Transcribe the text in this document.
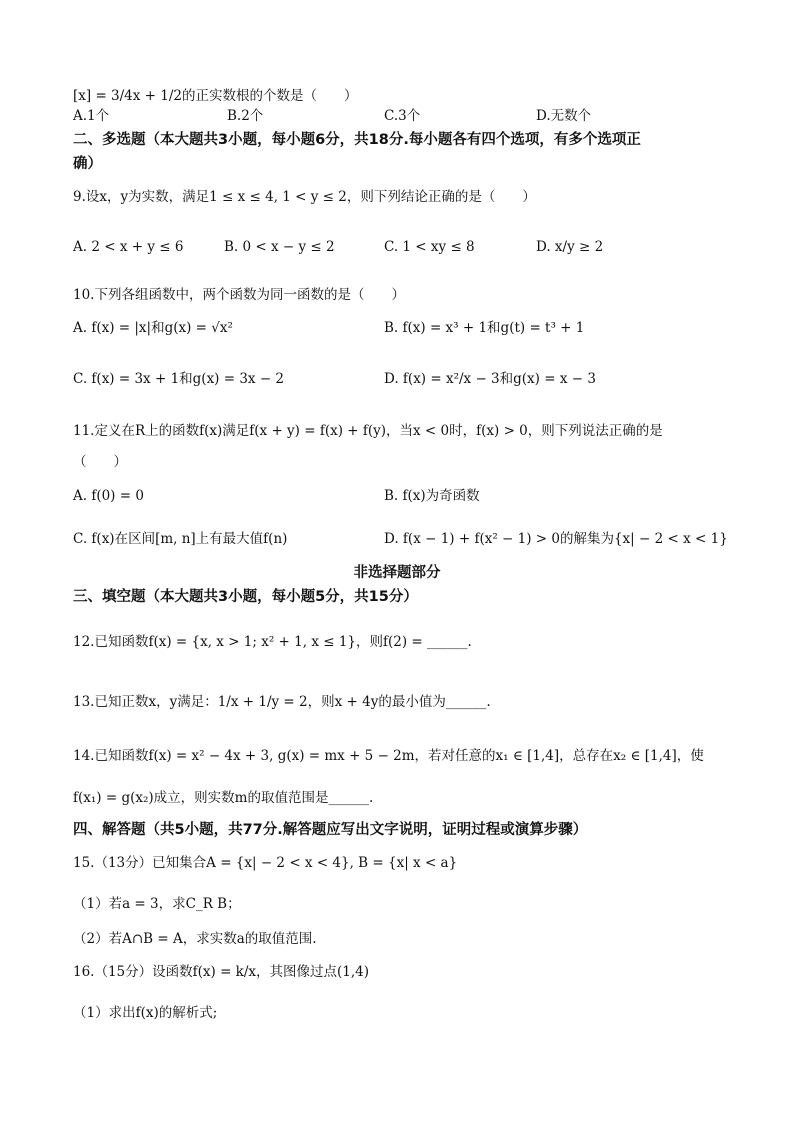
[x] = 3/4x + 1/2的正实数根的个数是（　　）
A.1个	B.2个	C.3个	D.无数个
二、多选题（本大题共3小题，每小题6分，共18分.每小题各有四个选项，有多个选项正
确）
9.设x，y为实数，满足1 ≤ x ≤ 4, 1 < y ≤ 2，则下列结论正确的是（　　）
A. 2 < x + y ≤ 6	B. 0 < x − y ≤ 2	C. 1 < xy ≤ 8	D. x/y ≥ 2
10.下列各组函数中，两个函数为同一函数的是（　　）
A. f(x) = |x|和g(x) = √x²	B. f(x) = x³ + 1和g(t) = t³ + 1
C. f(x) = 3x + 1和g(x) = 3x − 2	D. f(x) = x²/x − 3和g(x) = x − 3
11.定义在R上的函数f(x)满足f(x + y) = f(x) + f(y)，当x < 0时，f(x) > 0，则下列说法正确的是
（　　）
A. f(0) = 0	B. f(x)为奇函数
C. f(x)在区间[m, n]上有最大值f(n)	D. f(x − 1) + f(x² − 1) > 0的解集为{x| − 2 < x < 1}
非选择题部分
三、填空题（本大题共3小题，每小题5分，共15分）
12.已知函数f(x) = {x, x > 1; x² + 1, x ≤ 1}，则f(2) = ______.
13.已知正数x，y满足：1/x + 1/y = 2，则x + 4y的最小值为______.
14.已知函数f(x) = x² − 4x + 3, g(x) = mx + 5 − 2m，若对任意的x₁ ∈ [1,4]，总存在x₂ ∈ [1,4]，使
f(x₁) = g(x₂)成立，则实数m的取值范围是______.
四、解答题（共5小题，共77分.解答题应写出文字说明，证明过程或演算步骤）
15.（13分）已知集合A = {x| − 2 < x < 4}, B = {x| x < a}
（1）若a = 3，求C_R B；
（2）若A∩B = A，求实数a的取值范围.
16.（15分）设函数f(x) = k/x，其图像过点(1,4)
（1）求出f(x)的解析式;
